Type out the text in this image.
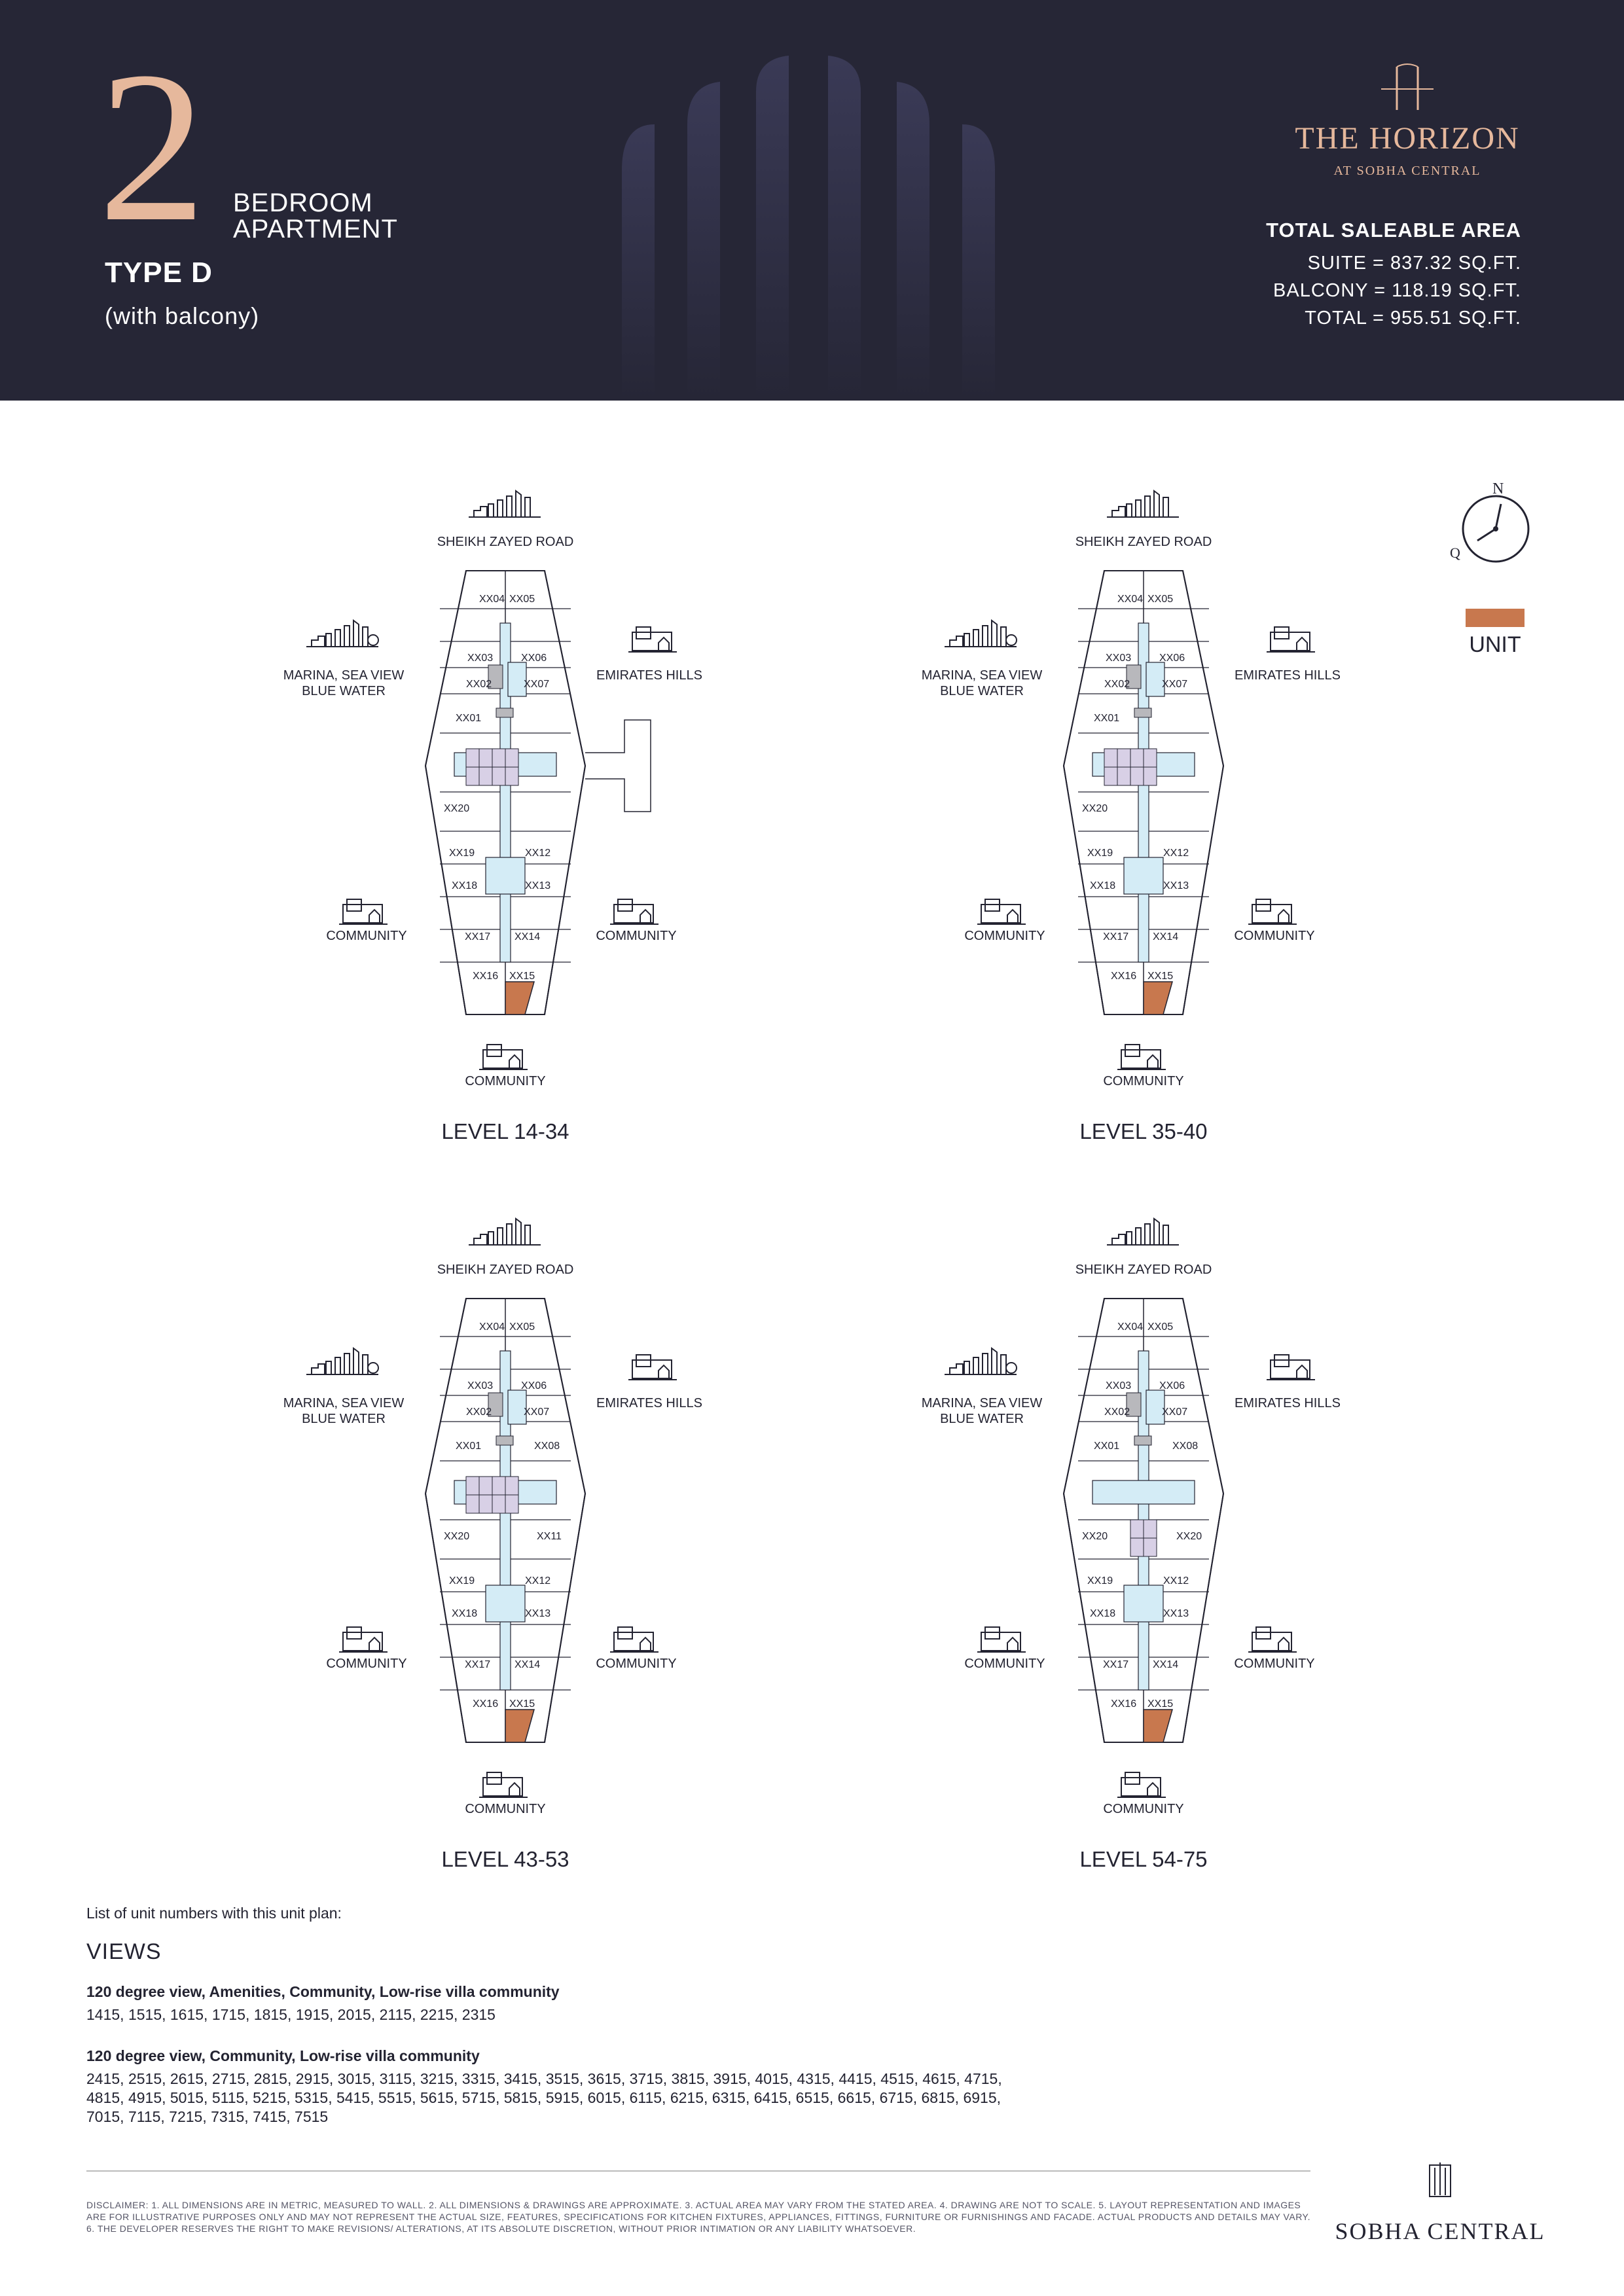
2 BEDROOM
APARTMENT
TYPE D
(with balcony)
THE HORIZON
AT SOBHA CENTRAL
TOTAL SALEABLE AREA
SUITE = 837.32 SQ.FT.
BALCONY = 118.19 SQ.FT.
TOTAL = 955.51 SQ.FT.
N
Q
UNIT
SHEIKH ZAYED ROAD
MARINA, SEA VIEW
BLUE WATER
EMIRATES HILLS
COMMUNITY	COMMUNITY
COMMUNITY
XX04 XX05
XX03	XX06
XX02	XX07
XX01
XX20
XX19	XX12
XX18	XX13
XX17 XX14
XX16 XX15
LEVEL 14-34
SHEIKH ZAYED ROAD
MARINA, SEA VIEW
BLUE WATER
EMIRATES HILLS
COMMUNITY	COMMUNITY
COMMUNITY
XX04 XX05
XX03	XX06
XX02	XX07
XX01
XX20
XX19	XX12
XX18	XX13
XX17 XX14
XX16 XX15
LEVEL 35-40
SHEIKH ZAYED ROAD
MARINA, SEA VIEW
BLUE WATER
EMIRATES HILLS
COMMUNITY	COMMUNITY
COMMUNITY
XX04 XX05
XX03	XX06
XX02	XX07
XX01
XX20
XX19	XX12
XX18	XX13
XX17 XX14
XX16 XX15
XX08
XX11
LEVEL 43-53
SHEIKH ZAYED ROAD
MARINA, SEA VIEW
BLUE WATER
EMIRATES HILLS
COMMUNITY	COMMUNITY
COMMUNITY
XX04 XX05
XX03	XX06
XX02	XX07
XX01
XX20
XX19	XX12
XX18	XX13
XX17 XX14
XX16 XX15
XX08
XX20
LEVEL 54-75
List of unit numbers with this unit plan:
VIEWS
120 degree view, Amenities, Community, Low-rise villa community
1415, 1515, 1615, 1715, 1815, 1915, 2015, 2115, 2215, 2315
120 degree view, Community, Low-rise villa community
2415, 2515, 2615, 2715, 2815, 2915, 3015, 3115, 3215, 3315, 3415, 3515, 3615, 3715, 3815, 3915, 4015, 4315, 4415, 4515, 4615, 4715,
4815, 4915, 5015, 5115, 5215, 5315, 5415, 5515, 5615, 5715, 5815, 5915, 6015, 6115, 6215, 6315, 6415, 6515, 6615, 6715, 6815, 6915,
7015, 7115, 7215, 7315, 7415, 7515
DISCLAIMER: 1. ALL DIMENSIONS ARE IN METRIC, MEASURED TO WALL. 2. ALL DIMENSIONS & DRAWINGS ARE APPROXIMATE. 3. ACTUAL AREA MAY VARY FROM THE STATED AREA. 4. DRAWING ARE NOT TO SCALE. 5. LAYOUT REPRESENTATION AND IMAGES ARE FOR ILLUSTRATIVE PURPOSES ONLY AND MAY NOT REPRESENT THE ACTUAL SIZE, FEATURES, SPECIFICATIONS FOR KITCHEN FIXTURES, APPLIANCES, FITTINGS, FURNITURE OR FURNISHINGS AND FACADE. ACTUAL PRODUCTS AND DETAILS MAY VARY. 6. THE DEVELOPER RESERVES THE RIGHT TO MAKE REVISIONS/ ALTERATIONS, AT ITS ABSOLUTE DISCRETION, WITHOUT PRIOR INTIMATION OR ANY LIABILITY WHATSOEVER.	SOBHA CENTRAL
